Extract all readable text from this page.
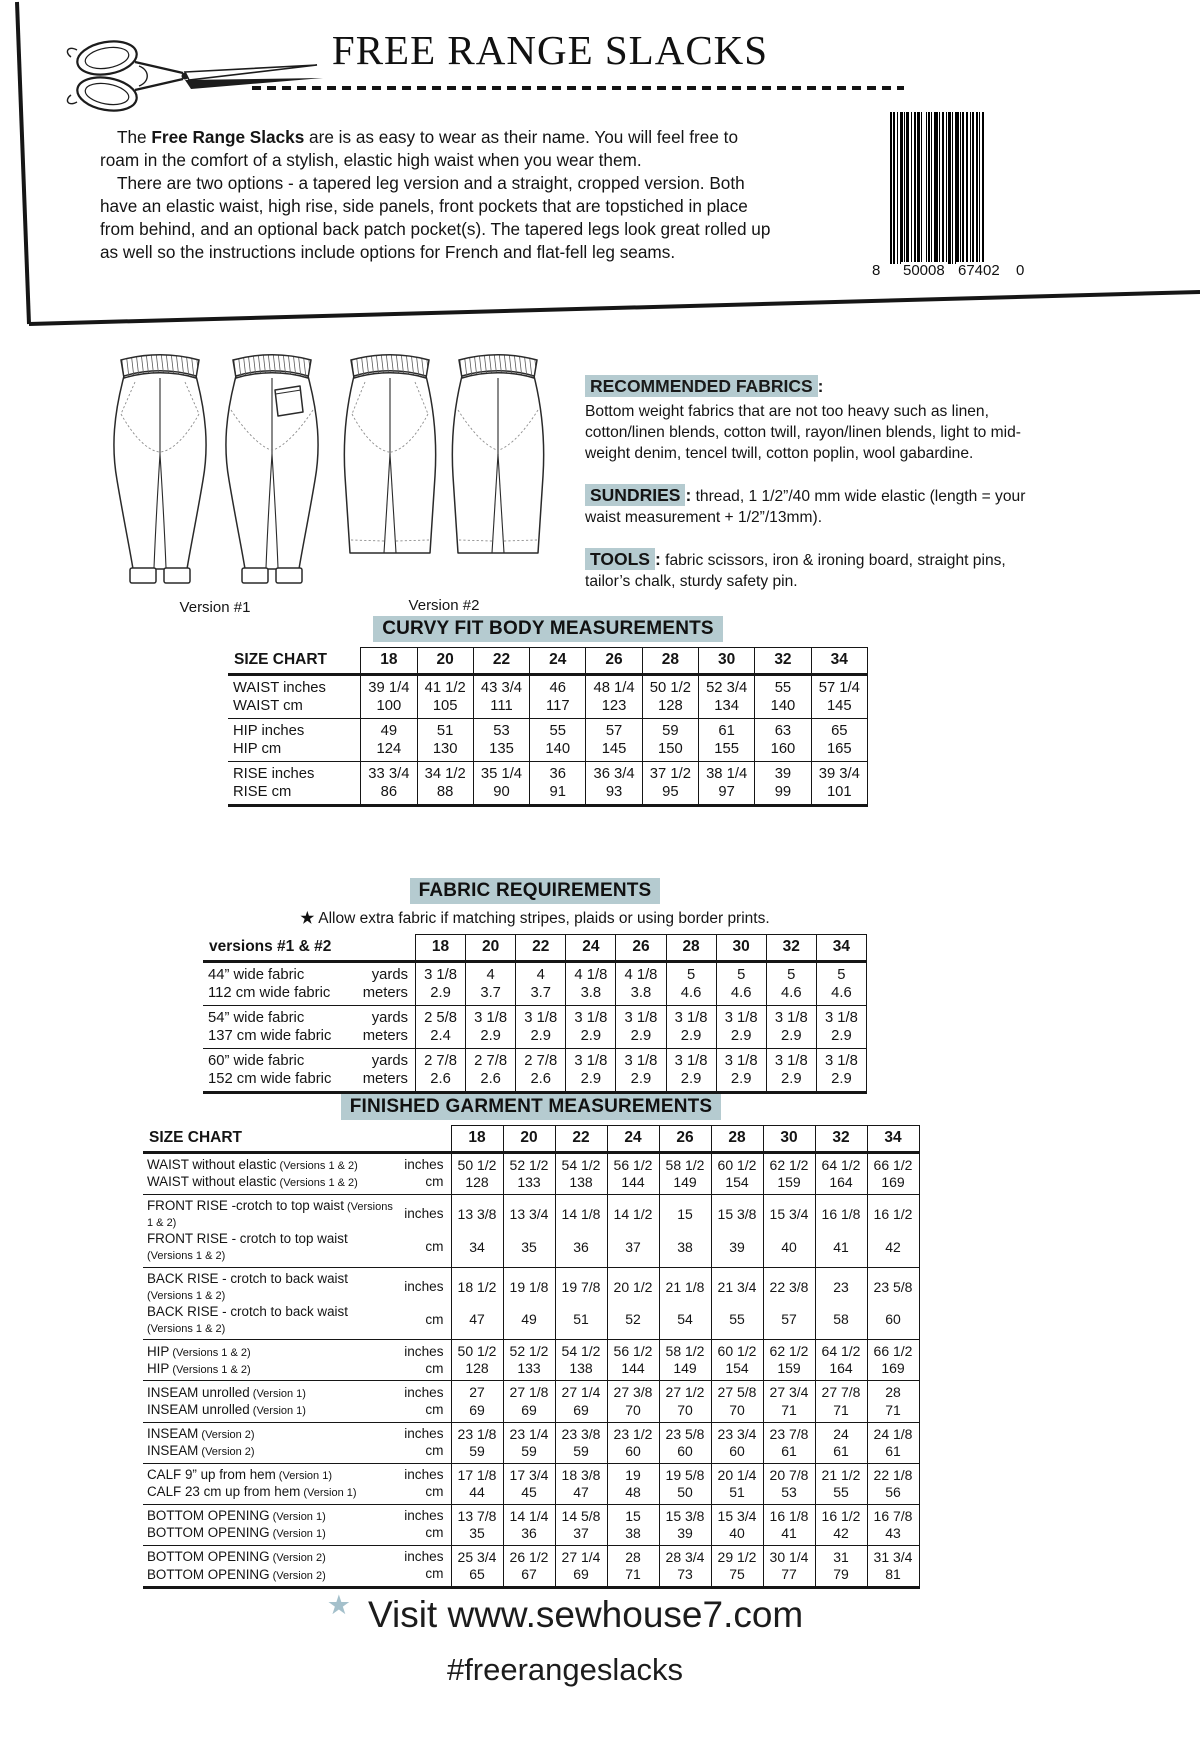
FREE RANGE SLACKS

The Free Range Slacks are is as easy to wear as their name. You will feel free to roam in the comfort of a stylish, elastic high waist when you wear them.

There are two options - a tapered leg version and a straight, cropped version. Both have an elastic waist, high rise, side panels, front pockets that are topstiched in place from behind, and an optional back patch pocket(s). The tapered legs look great rolled up as well so the instructions include options for French and flat-fell leg seams.

8 50008 67402 0
Version #1	Version #2
RECOMMENDED FABRICS :

Bottom weight fabrics that are not too heavy such as linen, cotton/linen blends, cotton twill, rayon/linen blends, light to mid-weight denim, tencel twill, cotton poplin, wool gabardine.

SUNDRIES : thread, 1 1/2”/40 mm wide elastic (length = your waist measurement + 1/2”/13mm).

TOOLS : fabric scissors, iron & ironing board, straight pins, tailor’s chalk, sturdy safety pin.

CURVY FIT BODY MEASUREMENTS
SIZE CHART	18	20	22	24	26	28	30	32	34
WAIST inches	39 1/4	41 1/2	43 3/4	46	48 1/4	50 1/2	52 3/4	55	57 1/4
WAIST cm	100	105	111	117	123	128	134	140	145
HIP inches	49	51	53	55	57	59	61	63	65
HIP cm	124	130	135	140	145	150	155	160	165
RISE inches	33 3/4	34 1/2	35 1/4	36	36 3/4	37 1/2	38 1/4	39	39 3/4
RISE cm	86	88	90	91	93	95	97	99	101
FABRIC REQUIREMENTS
★ Allow extra fabric if matching stripes, plaids or using border prints.
versions #1 & #2		18	20	22	24	26	28	30	32	34
44” wide fabric	yards	3 1/8	4	4	4 1/8	4 1/8	5	5	5	5
112 cm wide fabric	meters	2.9	3.7	3.7	3.8	3.8	4.6	4.6	4.6	4.6
54” wide fabric	yards	2 5/8	3 1/8	3 1/8	3 1/8	3 1/8	3 1/8	3 1/8	3 1/8	3 1/8
137 cm wide fabric	meters	2.4	2.9	2.9	2.9	2.9	2.9	2.9	2.9	2.9
60” wide fabric	yards	2 7/8	2 7/8	2 7/8	3 1/8	3 1/8	3 1/8	3 1/8	3 1/8	3 1/8
152 cm wide fabric	meters	2.6	2.6	2.6	2.9	2.9	2.9	2.9	2.9	2.9
FINISHED GARMENT MEASUREMENTS
SIZE CHART		18	20	22	24	26	28	30	32	34
WAIST without elastic (Versions 1 & 2)	inches	50 1/2	52 1/2	54 1/2	56 1/2	58 1/2	60 1/2	62 1/2	64 1/2	66 1/2
WAIST without elastic (Versions 1 & 2)	cm	128	133	138	144	149	154	159	164	169
FRONT RISE -crotch to top waist (Versions 1 & 2)	inches	13 3/8	13 3/4	14 1/8	14 1/2	15	15 3/8	15 3/4	16 1/8	16 1/2
FRONT RISE - crotch to top waist (Versions 1 & 2)	cm	34	35	36	37	38	39	40	41	42
BACK RISE - crotch to back waist (Versions 1 & 2)	inches	18 1/2	19 1/8	19 7/8	20 1/2	21 1/8	21 3/4	22 3/8	23	23 5/8
BACK RISE - crotch to back waist (Versions 1 & 2)	cm	47	49	51	52	54	55	57	58	60
HIP (Versions 1 & 2)	inches	50 1/2	52 1/2	54 1/2	56 1/2	58 1/2	60 1/2	62 1/2	64 1/2	66 1/2
HIP (Versions 1 & 2)	cm	128	133	138	144	149	154	159	164	169
INSEAM unrolled (Version 1)	inches	27	27 1/8	27 1/4	27 3/8	27 1/2	27 5/8	27 3/4	27 7/8	28
INSEAM unrolled (Version 1)	cm	69	69	69	70	70	70	71	71	71
INSEAM (Version 2)	inches	23 1/8	23 1/4	23 3/8	23 1/2	23 5/8	23 3/4	23 7/8	24	24 1/8
INSEAM (Version 2)	cm	59	59	59	60	60	60	61	61	61
CALF 9” up from hem (Version 1)	inches	17 1/8	17 3/4	18 3/8	19	19 5/8	20 1/4	20 7/8	21 1/2	22 1/8
CALF 23 cm up from hem (Version 1)	cm	44	45	47	48	50	51	53	55	56
BOTTOM OPENING (Version 1)	inches	13 7/8	14 1/4	14 5/8	15	15 3/8	15 3/4	16 1/8	16 1/2	16 7/8
BOTTOM OPENING (Version 1)	cm	35	36	37	38	39	40	41	42	43
BOTTOM OPENING (Version 2)	inches	25 3/4	26 1/2	27 1/4	28	28 3/4	29 1/2	30 1/4	31	31 3/4
BOTTOM OPENING (Version 2)	cm	65	67	69	71	73	75	77	79	81
★ Visit www.sewhouse7.com
#freerangeslacks
